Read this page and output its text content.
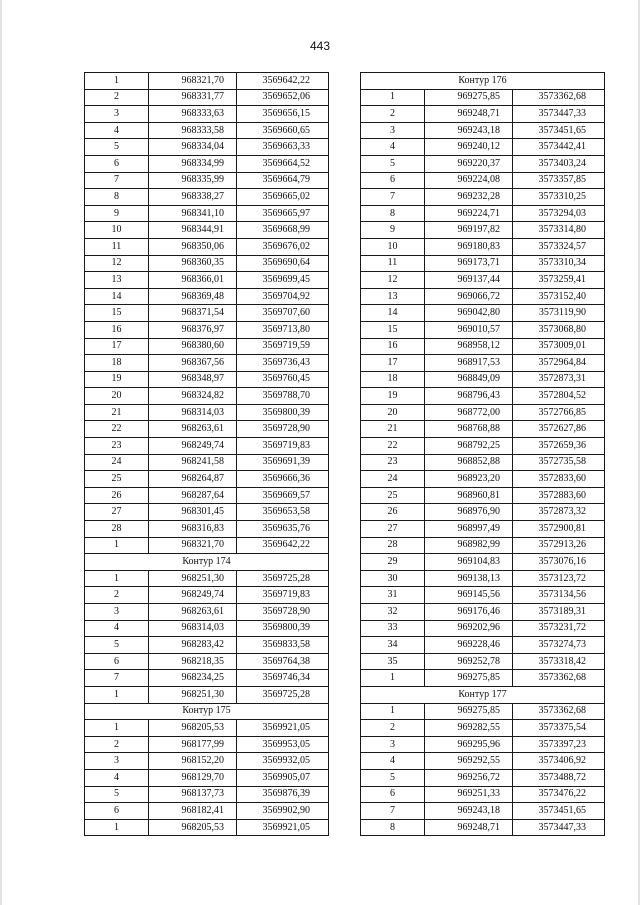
443
1	968321,70	3569642,22
2	968331,77	3569652,06
3	968333,63	3569656,15
4	968333,58	3569660,65
5	968334,04	3569663,33
6	968334,99	3569664,52
7	968335,99	3569664,79
8	968338,27	3569665,02
9	968341,10	3569665,97
10	968344,91	3569668,99
11	968350,06	3569676,02
12	968360,35	3569690,64
13	968366,01	3569699,45
14	968369,48	3569704,92
15	968371,54	3569707,60
16	968376,97	3569713,80
17	968380,60	3569719,59
18	968367,56	3569736,43
19	968348,97	3569760,45
20	968324,82	3569788,70
21	968314,03	3569800,39
22	968263,61	3569728,90
23	968249,74	3569719,83
24	968241,58	3569691,39
25	968264,87	3569666,36
26	968287,64	3569669,57
27	968301,45	3569653,58
28	968316,83	3569635,76
1	968321,70	3569642,22
Контур 174		
1	968251,30	3569725,28
2	968249,74	3569719,83
3	968263,61	3569728,90
4	968314,03	3569800,39
5	968283,42	3569833,58
6	968218,35	3569764,38
7	968234,25	3569746,34
1	968251,30	3569725,28
Контур 175		
1	968205,53	3569921,05
2	968177,99	3569953,05
3	968152,20	3569932,05
4	968129,70	3569905,07
5	968137,73	3569876,39
6	968182,41	3569902,90
1	968205,53	3569921,05
Контур 176		
1	969275,85	3573362,68
2	969248,71	3573447,33
3	969243,18	3573451,65
4	969240,12	3573442,41
5	969220,37	3573403,24
6	969224,08	3573357,85
7	969232,28	3573310,25
8	969224,71	3573294,03
9	969197,82	3573314,80
10	969180,83	3573324,57
11	969173,71	3573310,34
12	969137,44	3573259,41
13	969066,72	3573152,40
14	969042,80	3573119,90
15	969010,57	3573068,80
16	968958,12	3573009,01
17	968917,53	3572964,84
18	968849,09	3572873,31
19	968796,43	3572804,52
20	968772,00	3572766,85
21	968768,88	3572627,86
22	968792,25	3572659,36
23	968852,88	3572735,58
24	968923,20	3572833,60
25	968960,81	3572883,60
26	968976,90	3572873,32
27	968997,49	3572900,81
28	968982,99	3572913,26
29	969104,83	3573076,16
30	969138,13	3573123,72
31	969145,56	3573134,56
32	969176,46	3573189,31
33	969202,96	3573231,72
34	969228,46	3573274,73
35	969252,78	3573318,42
1	969275,85	3573362,68
Контур 177		
1	969275,85	3573362,68
2	969282,55	3573375,54
3	969295,96	3573397,23
4	969292,55	3573406,92
5	969256,72	3573488,72
6	969251,33	3573476,22
7	969243,18	3573451,65
8	969248,71	3573447,33
